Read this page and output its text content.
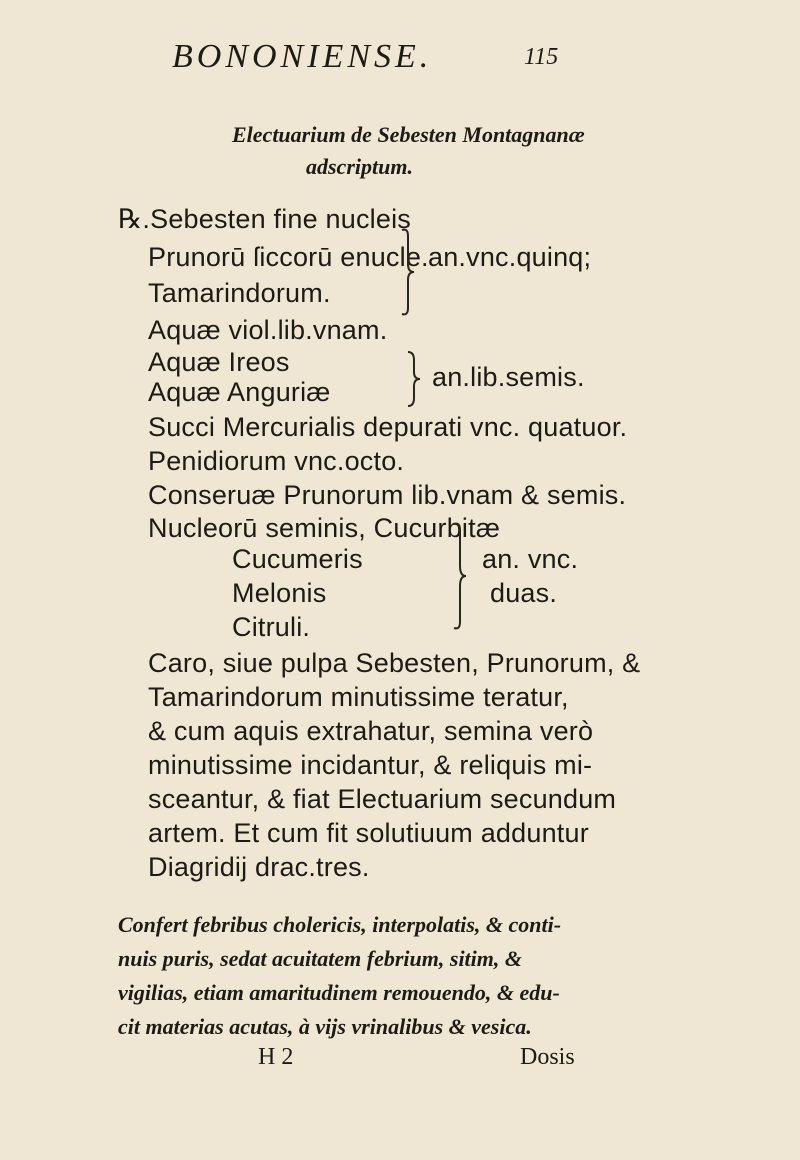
BONONIENSE.	115
Electuarium de Sebesten Montagnanæ
adscriptum.
℞.Sebesten fine nucleis
Prunorū ſiccorū enucle.
Tamarindorum.
Aquæ viol.lib.vnam.
Aquæ Ireos
Aquæ Anguriæ
Succi Mercurialis depurati vnc. quatuor.
Penidiorum vnc.octo.
Conseruæ Prunorum lib.vnam & semis.
Nucleorū seminis, Cucurbitæ
Cucumeris
Melonis
Citruli.
Caro, siue pulpa Sebesten, Prunorum, &
Tamarindorum minutissime teratur,
& cum aquis extrahatur, semina verò
minutissime incidantur, & reliquis mi-
sceantur, & fiat Electuarium secundum
artem. Et cum fit solutiuum adduntur
Diagridij drac.tres.
an.vnc.quinq;
an.lib.semis.
an. vnc.
duas.
Confert febribus cholericis, interpolatis, & conti-
nuis puris, sedat acuitatem febrium, sitim, &
vigilias, etiam amaritudinem remouendo, & edu-
cit materias acutas, à vijs vrinalibus & vesica.
H 2	Dosis
